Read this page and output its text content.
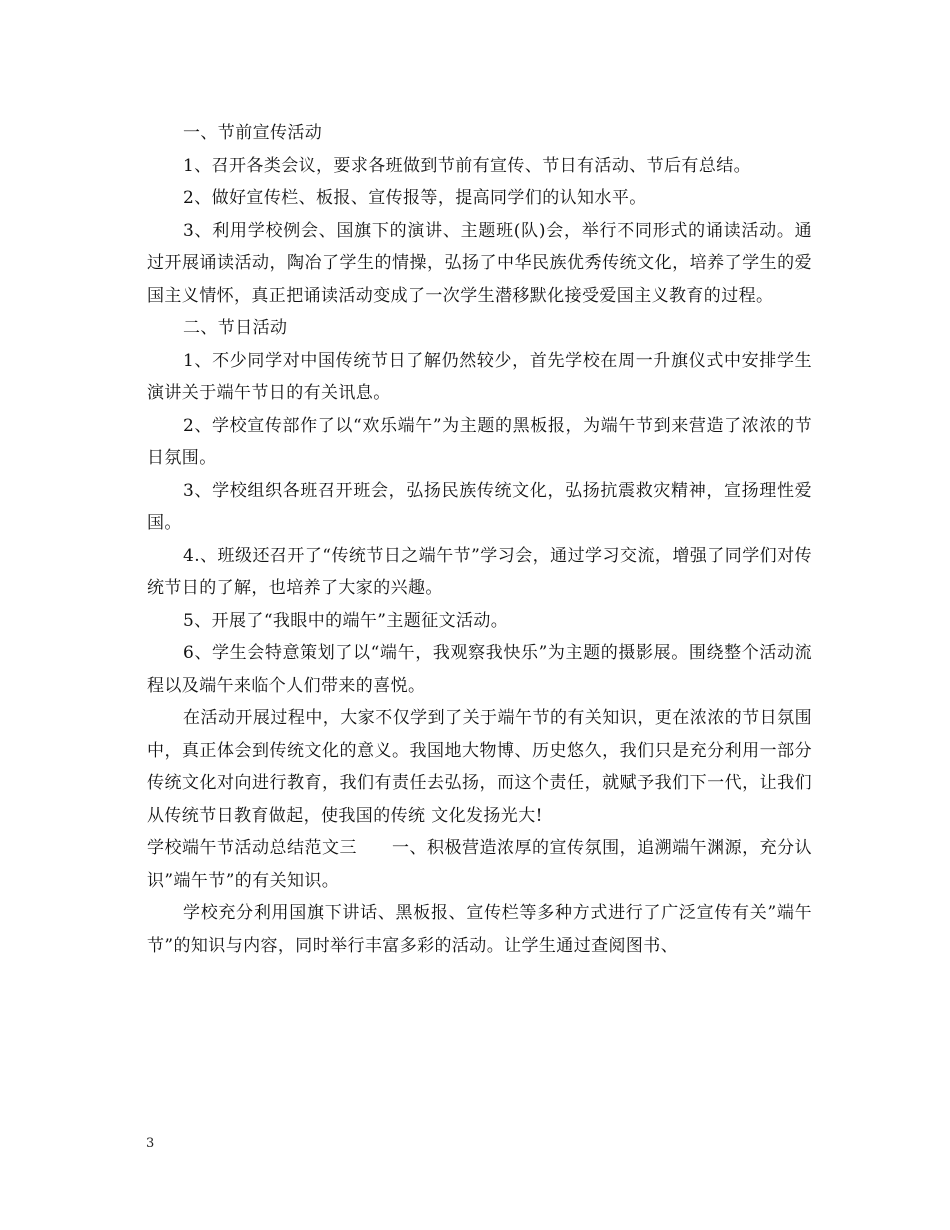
一、节前宣传活动

1、召开各类会议，要求各班做到节前有宣传、节日有活动、节后有总结。

2、做好宣传栏、板报、宣传报等，提高同学们的认知水平。

3、利用学校例会、国旗下的演讲、主题班(队)会，举行不同形式的诵读活动。通过开展诵读活动，陶冶了学生的情操，弘扬了中华民族优秀传统文化，培养了学生的爱国主义情怀，真正把诵读活动变成了一次学生潜移默化接受爱国主义教育的过程。

二、节日活动

1、不少同学对中国传统节日了解仍然较少，首先学校在周一升旗仪式中安排学生演讲关于端午节日的有关讯息。

2、学校宣传部作了以“欢乐端午”为主题的黑板报，为端午节到来营造了浓浓的节日氛围。

3、学校组织各班召开班会，弘扬民族传统文化，弘扬抗震救灾精神，宣扬理性爱国。

4.、班级还召开了“传统节日之端午节”学习会，通过学习交流，增强了同学们对传统节日的了解，也培养了大家的兴趣。

5、开展了“我眼中的端午”主题征文活动。

6、学生会特意策划了以“端午，我观察我快乐”为主题的摄影展。围绕整个活动流程以及端午来临个人们带来的喜悦。

在活动开展过程中，大家不仅学到了关于端午节的有关知识，更在浓浓的节日氛围中，真正体会到传统文化的意义。我国地大物博、历史悠久，我们只是充分利用一部分传统文化对向进行教育，我们有责任去弘扬，而这个责任，就赋予我们下一代，让我们从传统节日教育做起，使我国的传统 文化发扬光大!

学校端午节活动总结范文三　　一、积极营造浓厚的宣传氛围，追溯端午渊源，充分认识”端午节”的有关知识。

学校充分利用国旗下讲话、黑板报、宣传栏等多种方式进行了广泛宣传有关”端午节”的知识与内容，同时举行丰富多彩的活动。让学生通过查阅图书、

3
